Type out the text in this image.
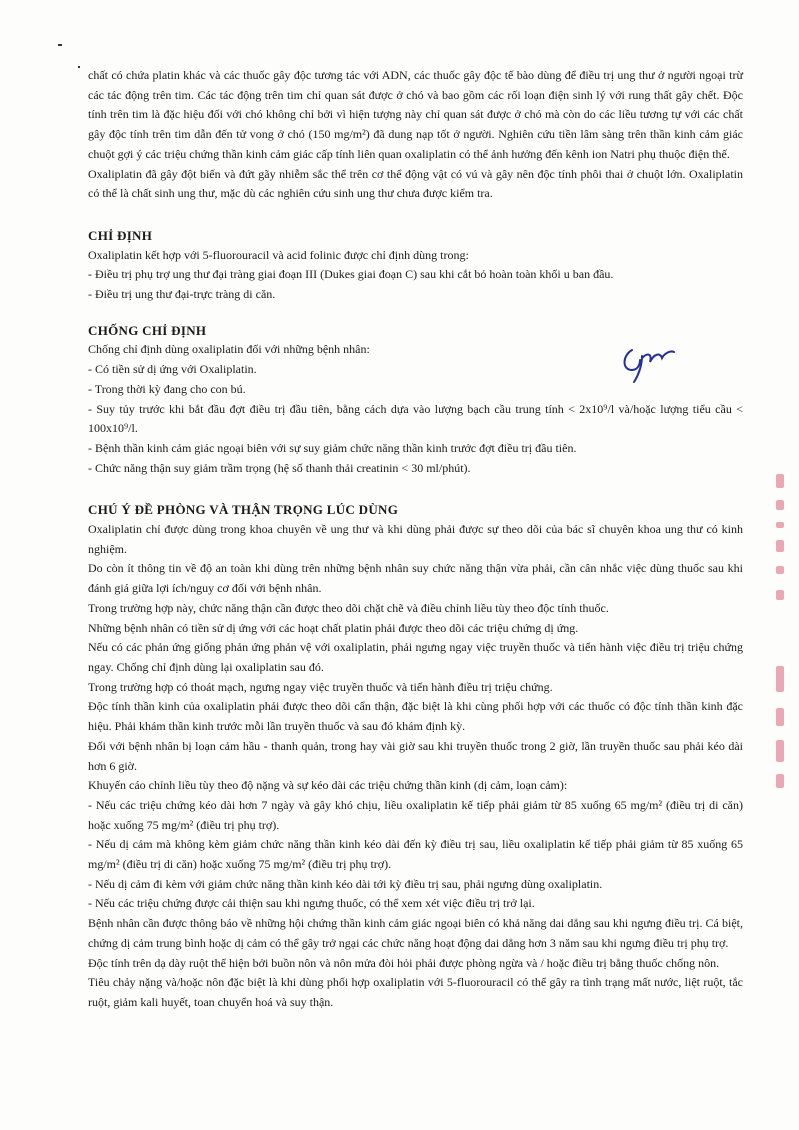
chất có chứa platin khác và các thuốc gây độc tương tác với ADN, các thuốc gây độc tế bào dùng để điều trị ung thư ở người ngoại trừ các tác động trên tim. Các tác động trên tim chỉ quan sát được ở chó và bao gồm các rối loạn điện sinh lý với rung thất gây chết. Độc tính trên tim là đặc hiệu đối với chó không chỉ bởi vì hiện tượng này chỉ quan sát được ở chó mà còn do các liều tương tự với các chất gây độc tính trên tim dẫn đến tử vong ở chó (150 mg/m²) đã dung nạp tốt ở người. Nghiên cứu tiền lâm sàng trên thần kinh cảm giác chuột gợi ý các triệu chứng thần kinh cảm giác cấp tính liên quan oxaliplatin có thể ảnh hưởng đến kênh ion Natri phụ thuộc điện thế.

Oxaliplatin đã gây đột biến và đứt gãy nhiễm sắc thể trên cơ thể động vật có vú và gây nên độc tính phôi thai ở chuột lớn. Oxaliplatin có thể là chất sinh ung thư, mặc dù các nghiên cứu sinh ung thư chưa được kiểm tra.

CHỈ ĐỊNH

Oxaliplatin kết hợp với 5-fluorouracil và acid folinic được chỉ định dùng trong:

- Điều trị phụ trợ ung thư đại tràng giai đoạn III (Dukes giai đoạn C) sau khi cắt bỏ hoàn toàn khối u ban đầu.

- Điều trị ung thư đại-trực tràng di căn.

CHỐNG CHỈ ĐỊNH

Chống chỉ định dùng oxaliplatin đối với những bệnh nhân:

- Có tiền sử dị ứng với Oxaliplatin.

- Trong thời kỳ đang cho con bú.

- Suy tủy trước khi bắt đầu đợt điều trị đầu tiên, bằng cách dựa vào lượng bạch cầu trung tính < 2x10⁹/l và/hoặc lượng tiểu cầu < 100x10⁹/l.

- Bệnh thần kinh cảm giác ngoại biên với sự suy giảm chức năng thần kinh trước đợt điều trị đầu tiên.

- Chức năng thận suy giảm trầm trọng (hệ số thanh thải creatinin < 30 ml/phút).

CHÚ Ý ĐỀ PHÒNG VÀ THẬN TRỌNG LÚC DÙNG

Oxaliplatin chỉ được dùng trong khoa chuyên về ung thư và khi dùng phải được sự theo dõi của bác sĩ chuyên khoa ung thư có kinh nghiệm.

Do còn ít thông tin về độ an toàn khi dùng trên những bệnh nhân suy chức năng thận vừa phải, cần cân nhắc việc dùng thuốc sau khi đánh giá giữa lợi ích/nguy cơ đối với bệnh nhân.

Trong trường hợp này, chức năng thận cần được theo dõi chặt chẽ và điều chỉnh liều tùy theo độc tính thuốc.

Những bệnh nhân có tiền sử dị ứng với các hoạt chất platin phải được theo dõi các triệu chứng dị ứng.

Nếu có các phản ứng giống phản ứng phản vệ với oxaliplatin, phải ngưng ngay việc truyền thuốc và tiến hành việc điều trị triệu chứng ngay. Chống chỉ định dùng lại oxaliplatin sau đó.

Trong trường hợp có thoát mạch, ngưng ngay việc truyền thuốc và tiến hành điều trị triệu chứng.

Độc tính thần kinh của oxaliplatin phải được theo dõi cẩn thận, đặc biệt là khi cùng phối hợp với các thuốc có độc tính thần kinh đặc hiệu. Phải khám thần kinh trước mỗi lần truyền thuốc và sau đó khám định kỳ.

Đối với bệnh nhân bị loạn cảm hầu - thanh quản, trong hay vài giờ sau khi truyền thuốc trong 2 giờ, lần truyền thuốc sau phải kéo dài hơn 6 giờ.

Khuyến cáo chỉnh liều tùy theo độ nặng và sự kéo dài các triệu chứng thần kinh (dị cảm, loạn cảm):

- Nếu các triệu chứng kéo dài hơn 7 ngày và gây khó chịu, liều oxaliplatin kế tiếp phải giảm từ 85 xuống 65 mg/m² (điều trị di căn) hoặc xuống 75 mg/m² (điều trị phụ trợ).

- Nếu dị cảm mà không kèm giảm chức năng thần kinh kéo dài đến kỳ điều trị sau, liều oxaliplatin kế tiếp phải giảm từ 85 xuống 65 mg/m² (điều trị di căn) hoặc xuống 75 mg/m² (điều trị phụ trợ).

- Nếu dị cảm đi kèm với giảm chức năng thần kinh kéo dài tới kỳ điều trị sau, phải ngưng dùng oxaliplatin.

- Nếu các triệu chứng được cải thiện sau khi ngưng thuốc, có thể xem xét việc điều trị trở lại.

Bệnh nhân cần được thông báo về những hội chứng thần kinh cảm giác ngoại biên có khả năng dai dẳng sau khi ngưng điều trị. Cá biệt, chứng dị cảm trung bình hoặc dị cảm có thể gây trở ngại các chức năng hoạt động dai dẳng hơn 3 năm sau khi ngưng điều trị phụ trợ.

Độc tính trên dạ dày ruột thể hiện bởi buồn nôn và nôn mửa đòi hỏi phải được phòng ngừa và / hoặc điều trị bằng thuốc chống nôn.

Tiêu chảy nặng và/hoặc nôn đặc biệt là khi dùng phối hợp oxaliplatin với 5-fluorouracil có thể gây ra tình trạng mất nước, liệt ruột, tắc ruột, giảm kali huyết, toan chuyển hoá và suy thận.
